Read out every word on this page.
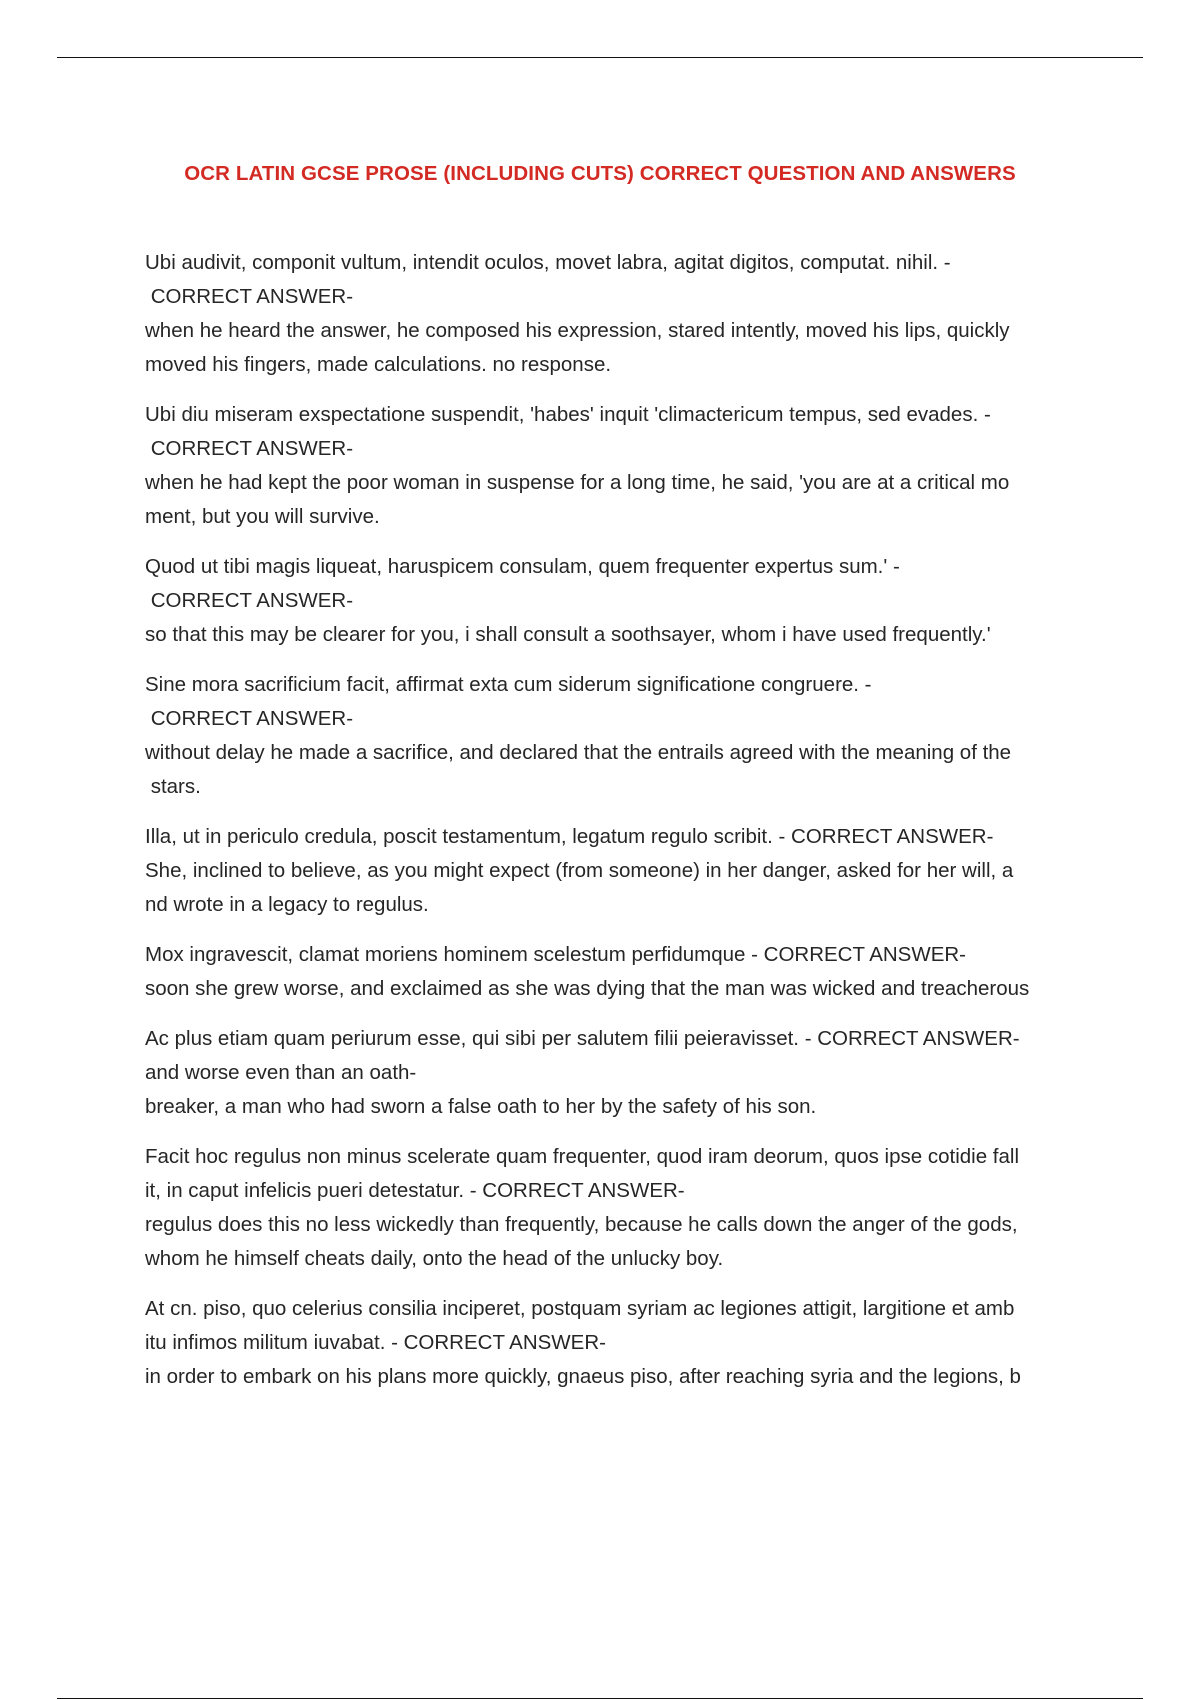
OCR LATIN GCSE PROSE (INCLUDING CUTS) CORRECT QUESTION AND ANSWERS

Ubi audivit, componit vultum, intendit oculos, movet labra, agitat digitos, computat. nihil. -

CORRECT ANSWER-

when he heard the answer, he composed his expression, stared intently, moved his lips, quickly

moved his fingers, made calculations. no response.

Ubi diu miseram exspectatione suspendit, 'habes' inquit 'climactericum tempus, sed evades. -

CORRECT ANSWER-

when he had kept the poor woman in suspense for a long time, he said, 'you are at a critical mo

ment, but you will survive.

Quod ut tibi magis liqueat, haruspicem consulam, quem frequenter expertus sum.' -

CORRECT ANSWER-

so that this may be clearer for you, i shall consult a soothsayer, whom i have used frequently.'

Sine mora sacrificium facit, affirmat exta cum siderum significatione congruere. -

CORRECT ANSWER-

without delay he made a sacrifice, and declared that the entrails agreed with the meaning of the

stars.

Illa, ut in periculo credula, poscit testamentum, legatum regulo scribit. - CORRECT ANSWER-

She, inclined to believe, as you might expect (from someone) in her danger, asked for her will, a

nd wrote in a legacy to regulus.

Mox ingravescit, clamat moriens hominem scelestum perfidumque - CORRECT ANSWER-

soon she grew worse, and exclaimed as she was dying that the man was wicked and treacherous

Ac plus etiam quam periurum esse, qui sibi per salutem filii peieravisset. - CORRECT ANSWER-

and worse even than an oath-

breaker, a man who had sworn a false oath to her by the safety of his son.

Facit hoc regulus non minus scelerate quam frequenter, quod iram deorum, quos ipse cotidie fall

it, in caput infelicis pueri detestatur. - CORRECT ANSWER-

regulus does this no less wickedly than frequently, because he calls down the anger of the gods,

whom he himself cheats daily, onto the head of the unlucky boy.

At cn. piso, quo celerius consilia inciperet, postquam syriam ac legiones attigit, largitione et amb

itu infimos militum iuvabat. - CORRECT ANSWER-

in order to embark on his plans more quickly, gnaeus piso, after reaching syria and the legions, b
